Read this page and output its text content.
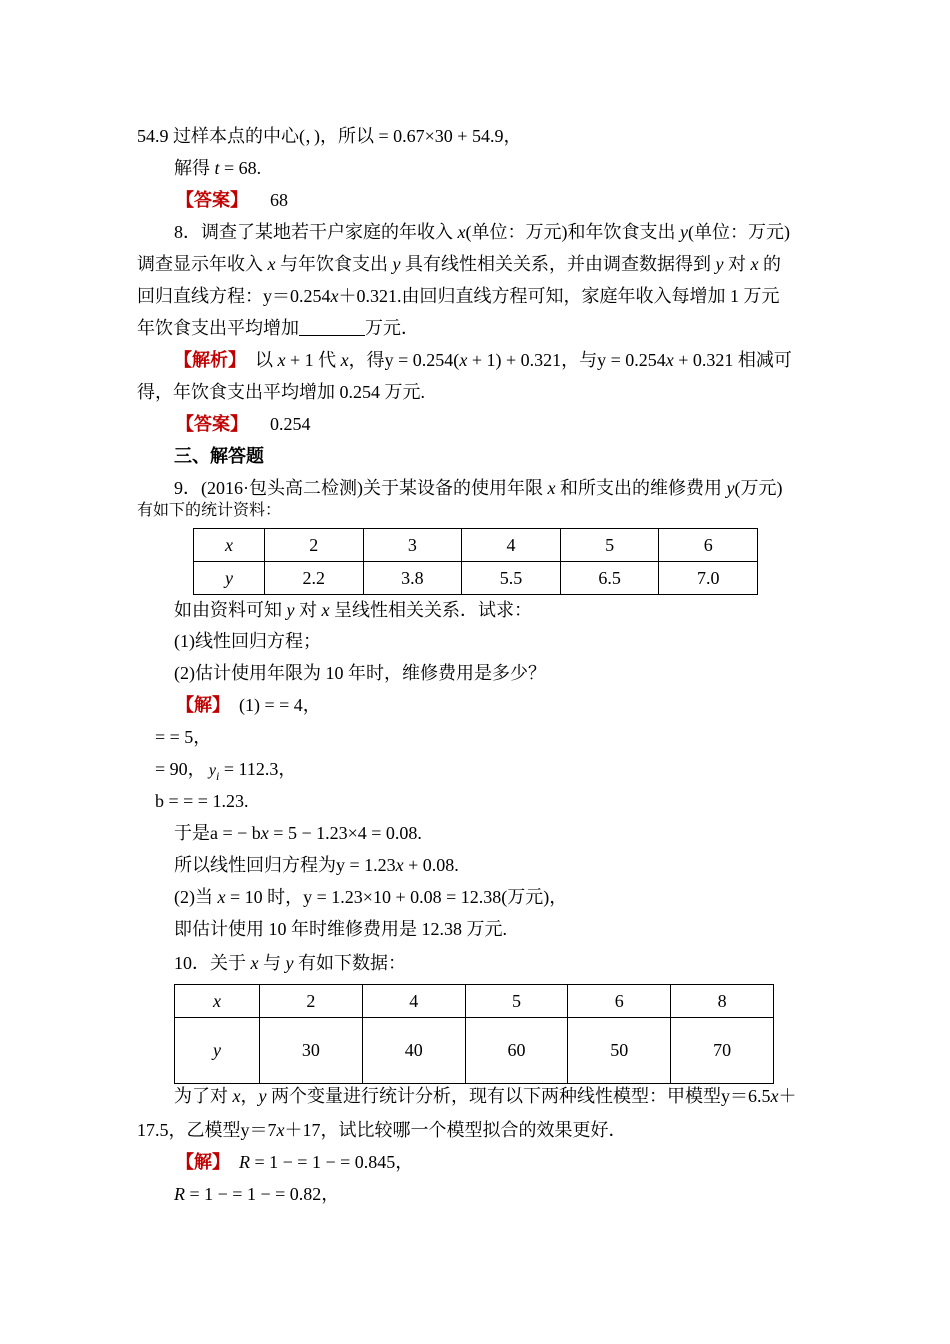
54.9 过样本点的中心(，)，所以 = 0.67×30 + 54.9，
解得 t = 68.
【答案】 68
8．调查了某地若干户家庭的年收入 x(单位：万元)和年饮食支出 y(单位：万元)
调查显示年收入 x 与年饮食支出 y 具有线性相关关系，并由调查数据得到 y 对 x 的
回归直线方程：y＝0.254x＋0.321.由回归直线方程可知，家庭年收入每增加 1 万元
年饮食支出平均增加	万元．
【解析】　以 x + 1 代 x，得y = 0.254(x + 1) + 0.321，与y = 0.254x + 0.321 相减可
得，年饮食支出平均增加 0.254 万元.
【答案】 0.254
三、解答题
9．(2016·包头高二检测)关于某设备的使用年限 x 和所支出的维修费用 y(万元)
有如下的统计资料：
x	2	3	4	5	6
y	2.2	3.8	5.5	6.5	7.0
如由资料可知 y 对 x 呈线性相关关系．试求：
(1)线性回归方程；
(2)估计使用年限为 10 年时，维修费用是多少？
【解】　(1) = = 4，
= = 5，
= 90， $y_i = 112.3$，
b = = = 1.23.
于是a = − bx = 5 − 1.23×4 = 0.08.
所以线性回归方程为y = 1.23x + 0.08.
(2)当 x = 10 时，y = 1.23×10 + 0.08 = 12.38(万元)，
即估计使用 10 年时维修费用是 12.38 万元.
10．关于 x 与 y 有如下数据：
x	2	4	5	6	8
y	30	40	60	50	70
为了对 x，y 两个变量进行统计分析，现有以下两种线性模型：甲模型y＝6.5x＋
17.5，乙模型y＝7x＋17，试比较哪一个模型拟合的效果更好．
【解】　 R = 1 − = 1 − = 0.845，
R = 1 − = 1 − = 0.82，
